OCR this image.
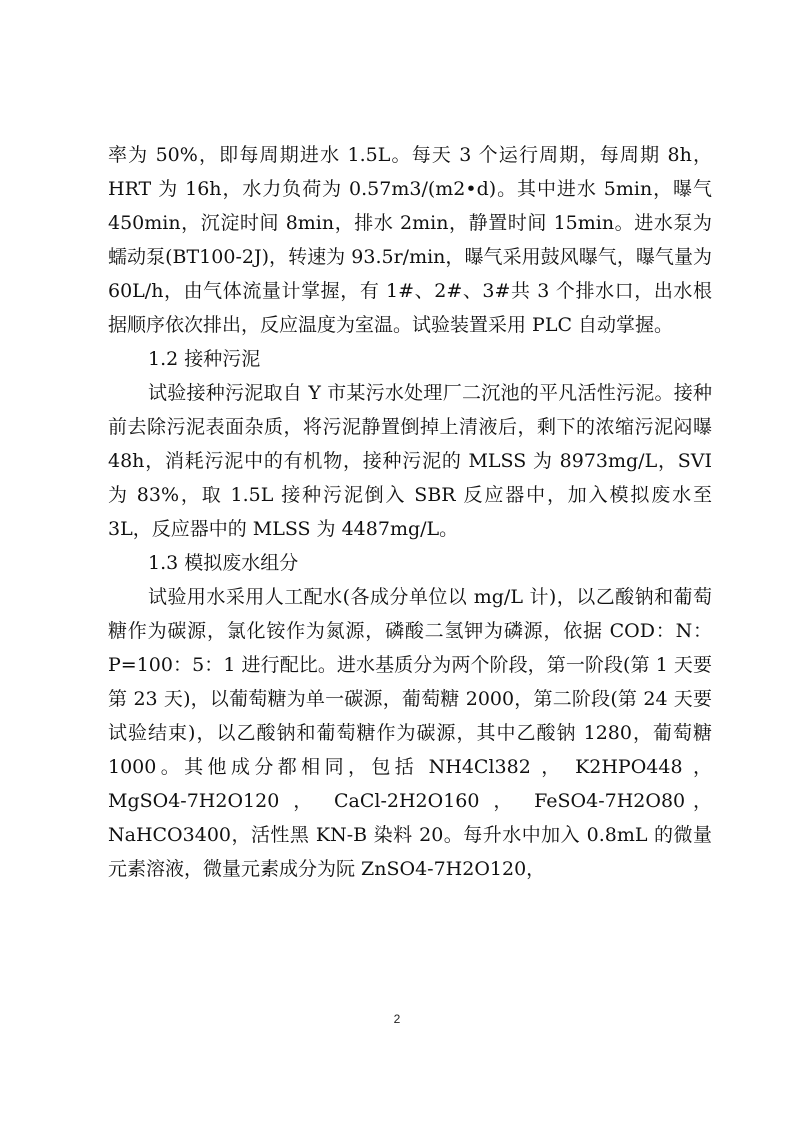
率为 50%，即每周期进水 1.5L。每天 3 个运行周期，每周期 8h，HRT 为 16h，水力负荷为 0.57m3/(m2•d)。其中进水 5min，曝气 450min，沉淀时间 8min，排水 2min，静置时间 15min。进水泵为蠕动泵(BT100-2J)，转速为 93.5r/min，曝气采用鼓风曝气，曝气量为 60L/h，由气体流量计掌握，有 1#、2#、3#共 3 个排水口，出水根据顺序依次排出，反应温度为室温。试验装置采用 PLC 自动掌握。

1.2 接种污泥

试验接种污泥取自 Y 市某污水处理厂二沉池的平凡活性污泥。接种前去除污泥表面杂质，将污泥静置倒掉上清液后，剩下的浓缩污泥闷曝 48h，消耗污泥中的有机物，接种污泥的 MLSS 为 8973mg/L，SVI 为 83%，取 1.5L 接种污泥倒入 SBR 反应器中，加入模拟废水至 3L，反应器中的 MLSS 为 4487mg/L。

1.3 模拟废水组分

试验用水采用人工配水(各成分单位以 mg/L 计)，以乙酸钠和葡萄糖作为碳源，氯化铵作为氮源，磷酸二氢钾为磷源，依据 COD：N：P=100：5：1 进行配比。进水基质分为两个阶段，第一阶段(第 1 天要第 23 天)，以葡萄糖为单一碳源，葡萄糖 2000，第二阶段(第 24 天要试验结束)，以乙酸钠和葡萄糖作为碳源，其中乙酸钠 1280，葡萄糖 1000。其他成分都相同，包括 NH4Cl382 ， K2HPO448 ， MgSO4-7H2O120 ， CaCl-2H2O160 ， FeSO4-7H2O80，NaHCO3400，活性黑 KN-B 染料 20。每升水中加入 0.8mL 的微量元素溶液，微量元素成分为阮 ZnSO4-7H2O120，

2
